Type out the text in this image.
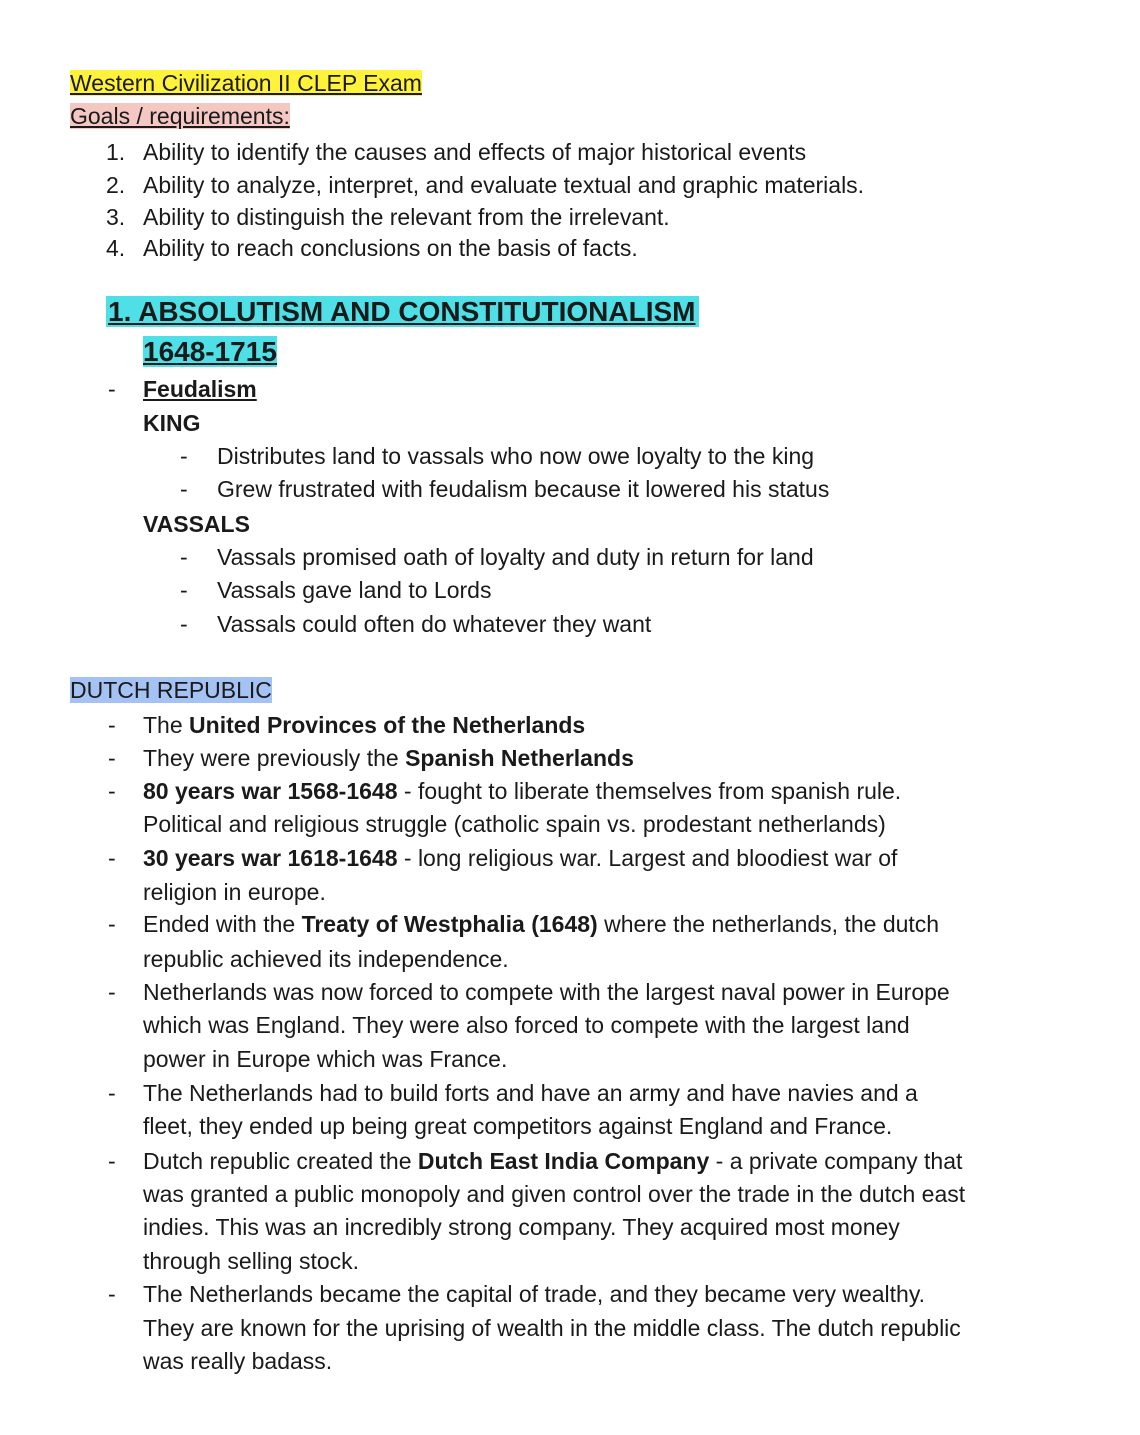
Western Civilization II CLEP Exam
Goals / requirements:
1. Ability to identify the causes and effects of major historical events
2. Ability to analyze, interpret, and evaluate textual and graphic materials.
3. Ability to distinguish the relevant from the irrelevant.
4. Ability to reach conclusions on the basis of facts.
1. ABSOLUTISM AND CONSTITUTIONALISM
1648-1715
- Feudalism
KING
- Distributes land to vassals who now owe loyalty to the king
- Grew frustrated with feudalism because it lowered his status
VASSALS
- Vassals promised oath of loyalty and duty in return for land
- Vassals gave land to Lords
- Vassals could often do whatever they want
DUTCH REPUBLIC
- The United Provinces of the Netherlands
- They were previously the Spanish Netherlands
- 80 years war 1568-1648 - fought to liberate themselves from spanish rule.
Political and religious struggle (catholic spain vs. prodestant netherlands)
- 30 years war 1618-1648 - long religious war. Largest and bloodiest war of
religion in europe.
- Ended with the Treaty of Westphalia (1648) where the netherlands, the dutch
republic achieved its independence.
- Netherlands was now forced to compete with the largest naval power in Europe
which was England. They were also forced to compete with the largest land
power in Europe which was France.
- The Netherlands had to build forts and have an army and have navies and a
fleet, they ended up being great competitors against England and France.
- Dutch republic created the Dutch East India Company - a private company that
was granted a public monopoly and given control over the trade in the dutch east
indies. This was an incredibly strong company. They acquired most money
through selling stock.
- The Netherlands became the capital of trade, and they became very wealthy.
They are known for the uprising of wealth in the middle class. The dutch republic
was really badass.
